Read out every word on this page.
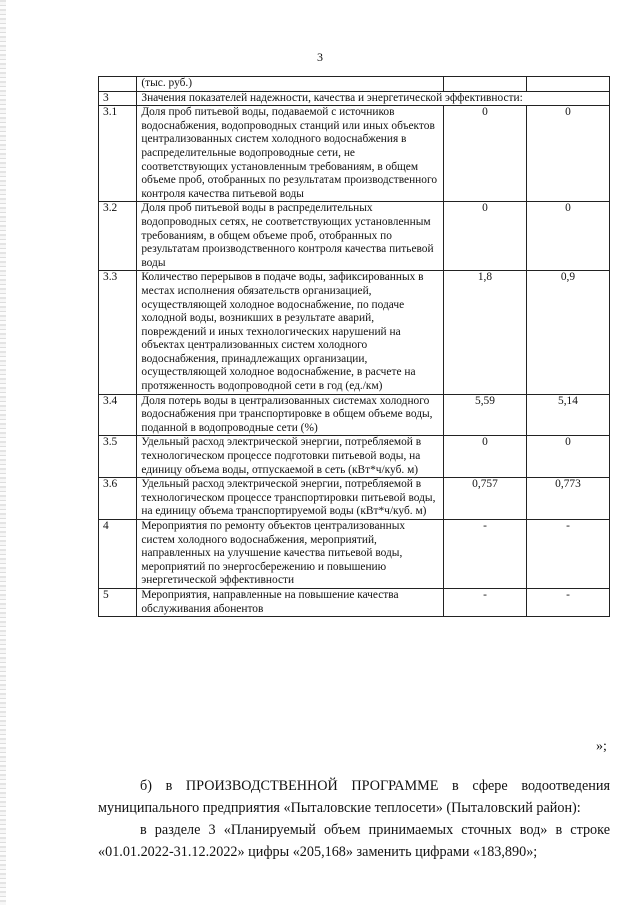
3
	(тыс. руб.)		
3	Значения показателей надежности, качества и энергетической эффективности:		
3.1	Доля проб питьевой воды, подаваемой с источников водоснабжения, водопроводных станций или иных объектов централизованных систем холодного водоснабжения в распределительные водопроводные сети, не соответствующих установленным требованиям, в общем объеме проб, отобранных по результатам производственного контроля качества питьевой воды	0	0
3.2	Доля проб питьевой воды в распределительных водопроводных сетях, не соответствующих установленным требованиям, в общем объеме проб, отобранных по результатам производственного контроля качества питьевой воды	0	0
3.3	Количество перерывов в подаче воды, зафиксированных в местах исполнения обязательств организацией, осуществляющей холодное водоснабжение, по подаче холодной воды, возникших в результате аварий, повреждений и иных технологических нарушений на объектах централизованных систем холодного водоснабжения, принадлежащих организации, осуществляющей холодное водоснабжение, в расчете на протяженность водопроводной сети в год (ед./км)	1,8	0,9
3.4	Доля потерь воды в централизованных системах холодного водоснабжения при транспортировке в общем объеме воды, поданной в водопроводные сети (%)	5,59	5,14
3.5	Удельный расход электрической энергии, потребляемой в технологическом процессе подготовки питьевой воды, на единицу объема воды, отпускаемой в сеть (кВт*ч/куб. м)	0	0
3.6	Удельный расход электрической энергии, потребляемой в технологическом процессе транспортировки питьевой воды, на единицу объема транспортируемой воды (кВт*ч/куб. м)	0,757	0,773
4	Мероприятия по ремонту объектов централизованных систем холодного водоснабжения, мероприятий, направленных на улучшение качества питьевой воды, мероприятий по энергосбережению и повышению энергетической эффективности	-	-
5	Мероприятия, направленные на повышение качества обслуживания абонентов	-	-
»;

б) в ПРОИЗВОДСТВЕННОЙ ПРОГРАММЕ в сфере водоотведения муниципального предприятия «Пыталовские теплосети» (Пыталовский район):

в разделе 3 «Планируемый объем принимаемых сточных вод» в строке «01.01.2022-31.12.2022» цифры «205,168» заменить цифрами «183,890»;
